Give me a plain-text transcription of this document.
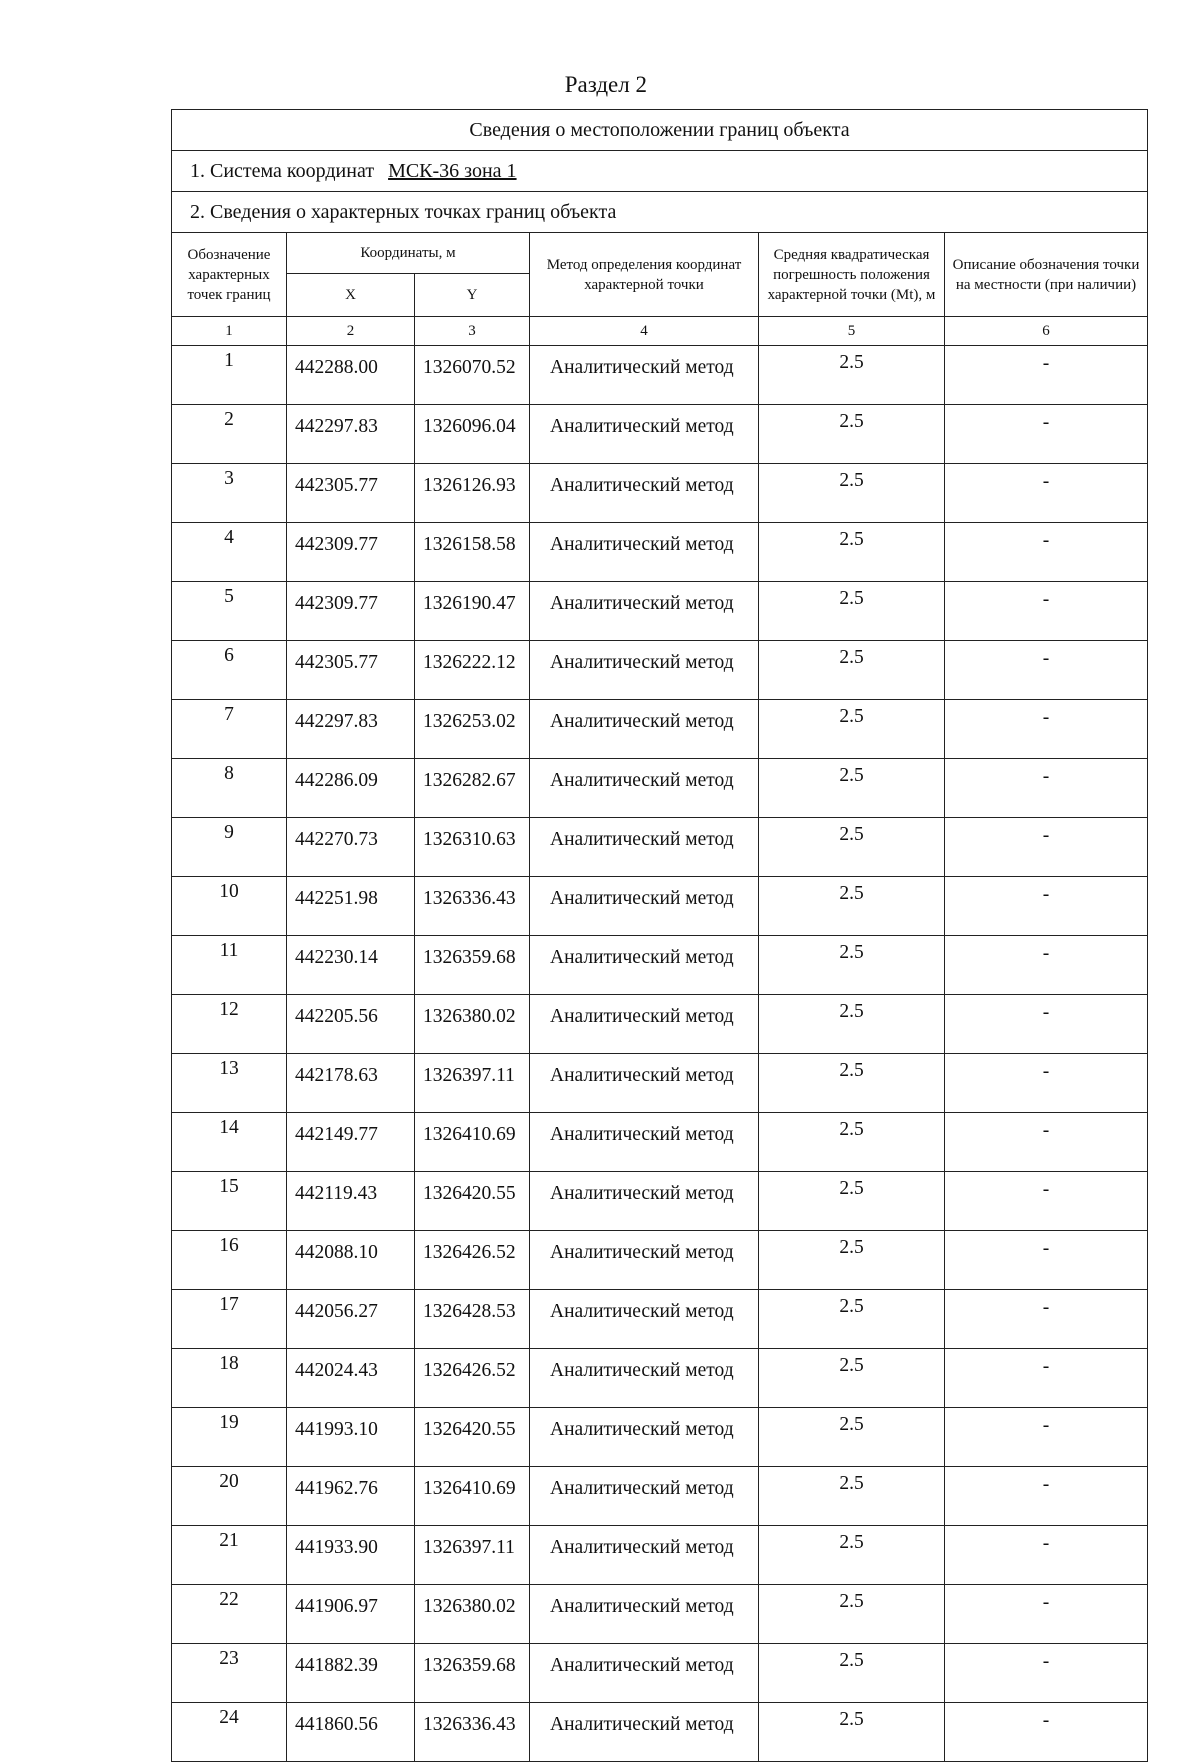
Раздел 2
Сведения о местоположении границ объекта					
1. Система координат МСК-36 зона 1					
2. Сведения о характерных точках границ объекта					
Обозначение характерных точек границ	Координаты, м		Метод определения координат характерной точки	Средняя квадратическая погрешность положения характерной точки (Mt), м	Описание обозначения точки на местности (при наличии)
	X	Y			
1	2	3	4	5	6
1	442288.00	1326070.52	Аналитический метод	2.5	-
2	442297.83	1326096.04	Аналитический метод	2.5	-
3	442305.77	1326126.93	Аналитический метод	2.5	-
4	442309.77	1326158.58	Аналитический метод	2.5	-
5	442309.77	1326190.47	Аналитический метод	2.5	-
6	442305.77	1326222.12	Аналитический метод	2.5	-
7	442297.83	1326253.02	Аналитический метод	2.5	-
8	442286.09	1326282.67	Аналитический метод	2.5	-
9	442270.73	1326310.63	Аналитический метод	2.5	-
10	442251.98	1326336.43	Аналитический метод	2.5	-
11	442230.14	1326359.68	Аналитический метод	2.5	-
12	442205.56	1326380.02	Аналитический метод	2.5	-
13	442178.63	1326397.11	Аналитический метод	2.5	-
14	442149.77	1326410.69	Аналитический метод	2.5	-
15	442119.43	1326420.55	Аналитический метод	2.5	-
16	442088.10	1326426.52	Аналитический метод	2.5	-
17	442056.27	1326428.53	Аналитический метод	2.5	-
18	442024.43	1326426.52	Аналитический метод	2.5	-
19	441993.10	1326420.55	Аналитический метод	2.5	-
20	441962.76	1326410.69	Аналитический метод	2.5	-
21	441933.90	1326397.11	Аналитический метод	2.5	-
22	441906.97	1326380.02	Аналитический метод	2.5	-
23	441882.39	1326359.68	Аналитический метод	2.5	-
24	441860.56	1326336.43	Аналитический метод	2.5	-
